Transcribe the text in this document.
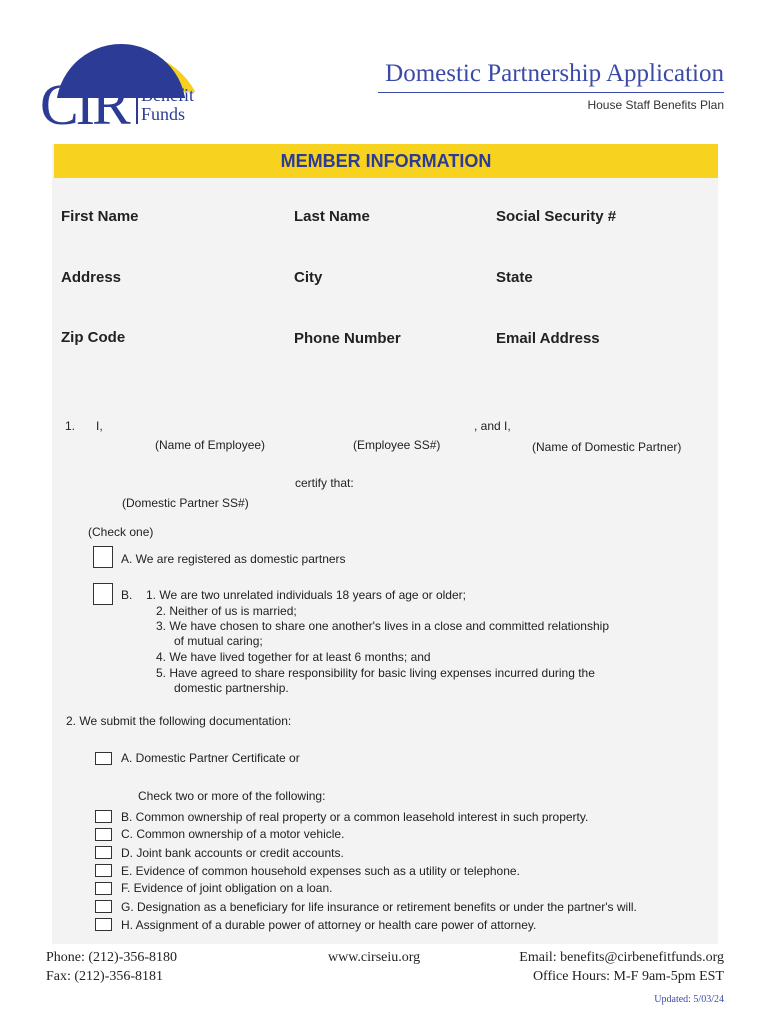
CIR Benefit
Funds
Domestic Partnership Application
House Staff Benefits Plan
MEMBER INFORMATION
First Name	Last Name	Social Security #
Address	City	State
Zip Code	Phone Number	Email Address
1. I,	, and I,
(Name of Employee)	(Employee SS#)	(Name of Domestic Partner)
certify that:
(Domestic Partner SS#)
(Check one)
A. We are registered as domestic partners
B. 1. We are two unrelated individuals 18 years of age or older;
2. Neither of us is married;
3. We have chosen to share one another's lives in a close and committed relationship
of mutual caring;
4. We have lived together for at least 6 months; and
5. Have agreed to share responsibility for basic living expenses incurred during the
domestic partnership.
2. We submit the following documentation:
A. Domestic Partner Certificate or
Check two or more of the following:
B. Common ownership of real property or a common leasehold interest in such property.
C. Common ownership of a motor vehicle.
D. Joint bank accounts or credit accounts.
E. Evidence of common household expenses such as a utility or telephone.
F. Evidence of joint obligation on a loan.
G. Designation as a beneficiary for life insurance or retirement benefits or under the partner's will.
H. Assignment of a durable power of attorney or health care power of attorney.
Phone: (212)-356-8180
Fax: (212)-356-8181
www.cirseiu.org	Email: benefits@cirbenefitfunds.org
Office Hours: M-F 9am-5pm EST
Updated: 5/03/24
